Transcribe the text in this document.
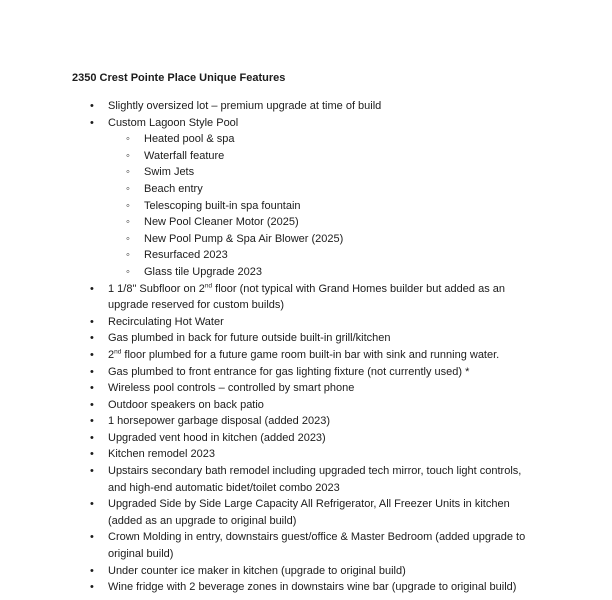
2350 Crest Pointe Place Unique Features
•	Slightly oversized lot – premium upgrade at time of build
•	Custom Lagoon Style Pool
◦	Heated pool & spa
◦	Waterfall feature
◦	Swim Jets
◦	Beach entry
◦	Telescoping built-in spa fountain
◦	New Pool Cleaner Motor (2025)
◦	New Pool Pump & Spa Air Blower (2025)
◦	Resurfaced 2023
◦	Glass tile Upgrade 2023
•	1 1/8" Subfloor on 2nd floor (not typical with Grand Homes builder but added as an upgrade reserved for custom builds)
•	Recirculating Hot Water
•	Gas plumbed in back for future outside built-in grill/kitchen
•	2nd floor plumbed for a future game room built-in bar with sink and running water.
•	Gas plumbed to front entrance for gas lighting fixture (not currently used) *
•	Wireless pool controls – controlled by smart phone
•	Outdoor speakers on back patio
•	1 horsepower garbage disposal (added 2023)
•	Upgraded vent hood in kitchen (added 2023)
•	Kitchen remodel 2023
•	Upstairs secondary bath remodel including upgraded tech mirror, touch light controls, and high-end automatic bidet/toilet combo 2023
•	Upgraded Side by Side Large Capacity All Refrigerator, All Freezer Units in kitchen (added as an upgrade to original build)
•	Crown Molding in entry, downstairs guest/office & Master Bedroom (added upgrade to original build)
•	Under counter ice maker in kitchen (upgrade to original build)
•	Wine fridge with 2 beverage zones in downstairs wine bar (upgrade to original build)
